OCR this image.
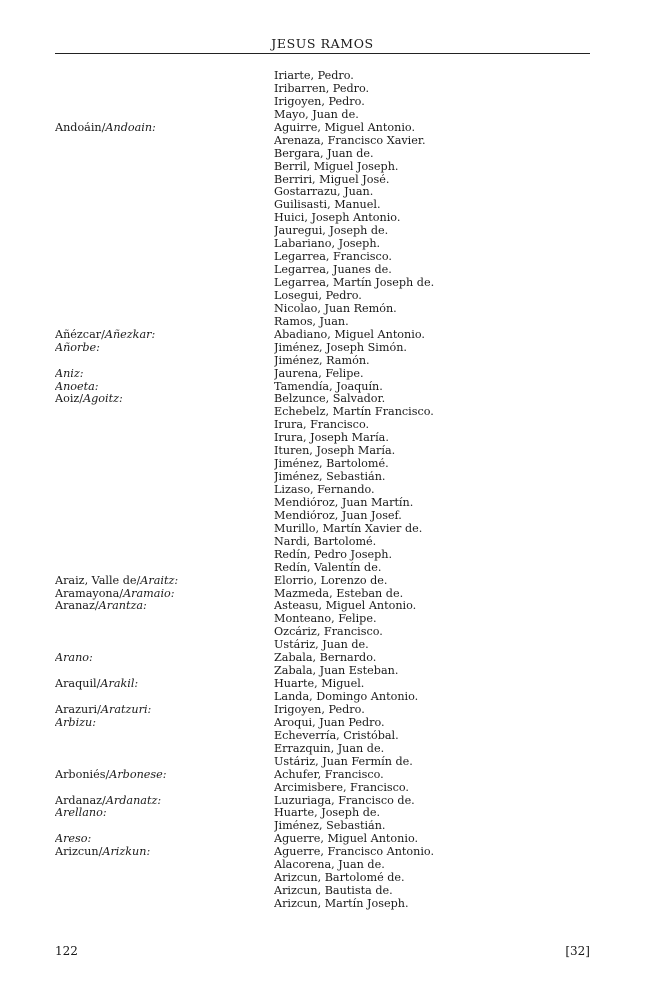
JESUS RAMOS
Iriarte, Pedro.
Iribarren, Pedro.
Irigoyen, Pedro.
Mayo, Juan de.
Andoáin/Andoain:	Aguirre, Miguel Antonio.
Arenaza, Francisco Xavier.
Bergara, Juan de.
Berril, Miguel Joseph.
Berriri, Miguel José.
Gostarrazu, Juan.
Guilisasti, Manuel.
Huici, Joseph Antonio.
Jauregui, Joseph de.
Labariano, Joseph.
Legarrea, Francisco.
Legarrea, Juanes de.
Legarrea, Martín Joseph de.
Losegui, Pedro.
Nicolao, Juan Remón.
Ramos, Juan.
Añézcar/Añezkar:	Abadiano, Miguel Antonio.
Añorbe:	Jiménez, Joseph Simón.
Jiménez, Ramón.
Aniz:	Jaurena, Felipe.
Anoeta:	Tamendía, Joaquín.
Aoiz/Agoitz:	Belzunce, Salvador.
Echebelz, Martín Francisco.
Irura, Francisco.
Irura, Joseph María.
Ituren, Joseph María.
Jiménez, Bartolomé.
Jiménez, Sebastián.
Lizaso, Fernando.
Mendióroz, Juan Martín.
Mendióroz, Juan Josef.
Murillo, Martín Xavier de.
Nardi, Bartolomé.
Redín, Pedro Joseph.
Redín, Valentín de.
Araiz, Valle de/Araitz:	Elorrio, Lorenzo de.
Aramayona/Aramaio:	Mazmeda, Esteban de.
Aranaz/Arantza:	Asteasu, Miguel Antonio.
Monteano, Felipe.
Ozcáriz, Francisco.
Ustáriz, Juan de.
Arano:	Zabala, Bernardo.
Zabala, Juan Esteban.
Araquil/Arakil:	Huarte, Miguel.
Landa, Domingo Antonio.
Arazuri/Aratzuri:	Irigoyen, Pedro.
Arbizu:	Aroqui, Juan Pedro.
Echeverría, Cristóbal.
Errazquin, Juan de.
Ustáriz, Juan Fermín de.
Arboniés/Arbonese:	Achufer, Francisco.
Arcimisbere, Francisco.
Ardanaz/Ardanatz:	Luzuriaga, Francisco de.
Arellano:	Huarte, Joseph de.
Jiménez, Sebastián.
Areso:	Aguerre, Miguel Antonio.
Arizcun/Arizkun:	Aguerre, Francisco Antonio.
Alacorena, Juan de.
Arizcun, Bartolomé de.
Arizcun, Bautista de.
Arizcun, Martín Joseph.
122	[32]
